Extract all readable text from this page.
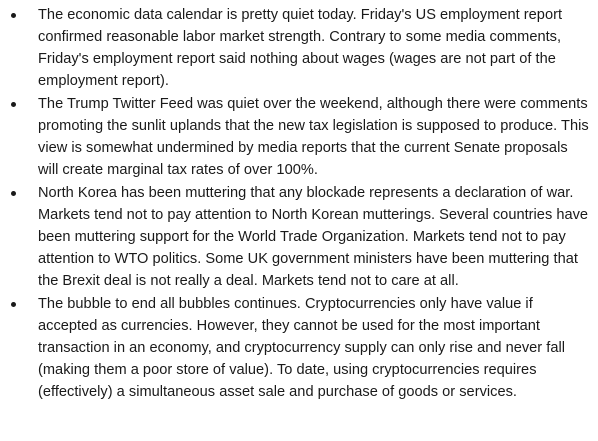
The economic data calendar is pretty quiet today. Friday's US employment report confirmed reasonable labor market strength. Contrary to some media comments, Friday's employment report said nothing about wages (wages are not part of the employment report).
The Trump Twitter Feed was quiet over the weekend, although there were comments promoting the sunlit uplands that the new tax legislation is supposed to produce. This view is somewhat undermined by media reports that the current Senate proposals will create marginal tax rates of over 100%.
North Korea has been muttering that any blockade represents a declaration of war. Markets tend not to pay attention to North Korean mutterings. Several countries have been muttering support for the World Trade Organization. Markets tend not to pay attention to WTO politics. Some UK government ministers have been muttering that the Brexit deal is not really a deal. Markets tend not to care at all.
The bubble to end all bubbles continues. Cryptocurrencies only have value if accepted as currencies. However, they cannot be used for the most important transaction in an economy, and cryptocurrency supply can only rise and never fall (making them a poor store of value). To date, using cryptocurrencies requires (effectively) a simultaneous asset sale and purchase of goods or services.
